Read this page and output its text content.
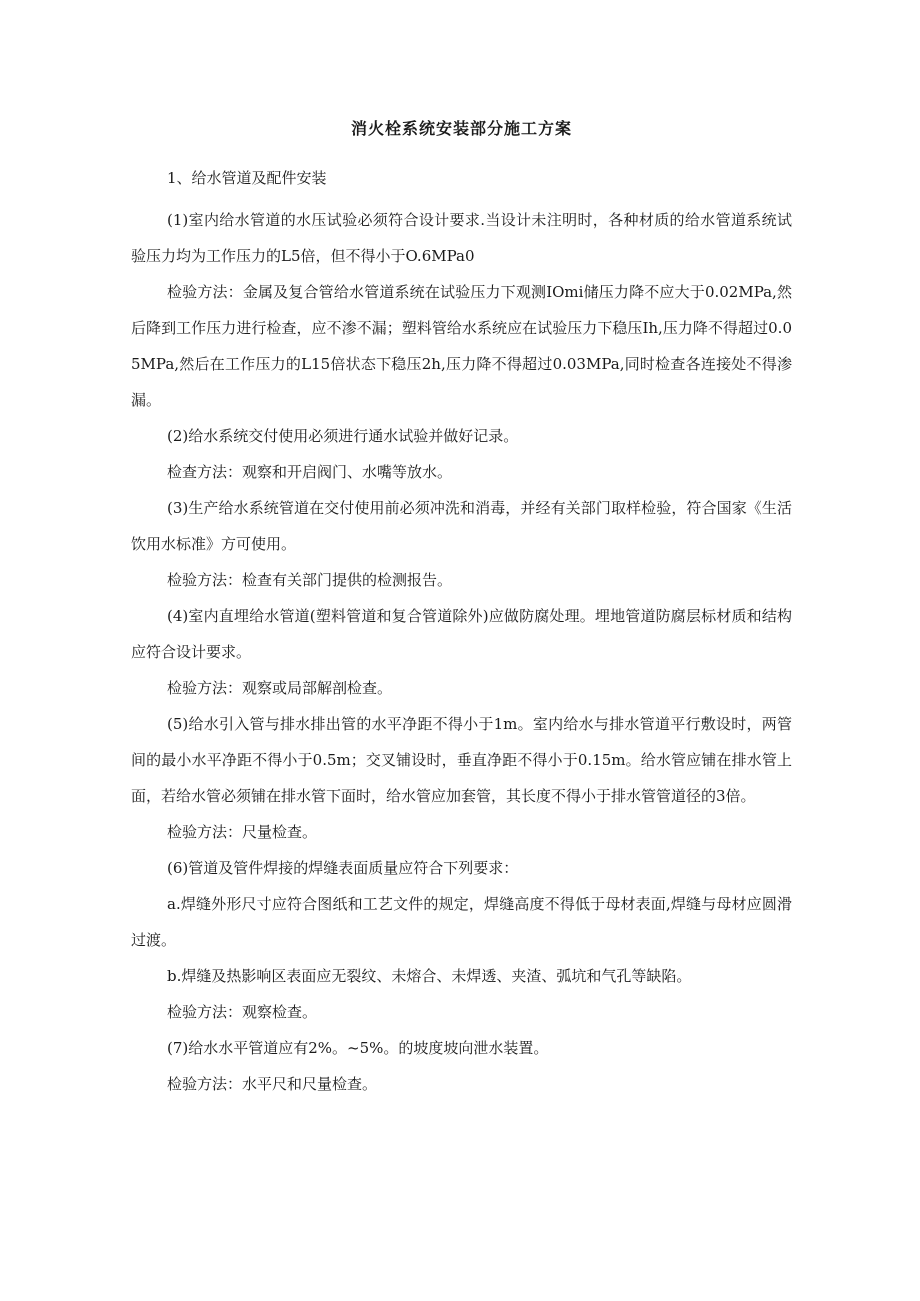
消火栓系统安装部分施工方案

1、给水管道及配件安装

(1)室内给水管道的水压试验必须符合设计要求.当设计未注明时，各种材质的给水管道系统试验压力均为工作压力的L5倍，但不得小于O.6MPa0

检验方法：金属及复合管给水管道系统在试验压力下观测IOmi储压力降不应大于0.02MPa,然后降到工作压力进行检查，应不渗不漏；塑料管给水系统应在试验压力下稳压Ih,压力降不得超过0.05MPa,然后在工作压力的L15倍状态下稳压2h,压力降不得超过0.03MPa,同时检查各连接处不得渗漏。

(2)给水系统交付使用必须进行通水试验并做好记录。

检查方法：观察和开启阀门、水嘴等放水。

(3)生产给水系统管道在交付使用前必须冲洗和消毒，并经有关部门取样检验，符合国家《生活饮用水标准》方可使用。

检验方法：检查有关部门提供的检测报告。

(4)室内直埋给水管道(塑料管道和复合管道除外)应做防腐处理。埋地管道防腐层标材质和结构应符合设计要求。

检验方法：观察或局部解剖检查。

(5)给水引入管与排水排出管的水平净距不得小于1m。室内给水与排水管道平行敷设时，两管间的最小水平净距不得小于0.5m；交叉铺设时，垂直净距不得小于0.15m。给水管应铺在排水管上面，若给水管必须铺在排水管下面时，给水管应加套管，其长度不得小于排水管管道径的3倍。

检验方法：尺量检查。

(6)管道及管件焊接的焊缝表面质量应符合下列要求：

a.焊缝外形尺寸应符合图纸和工艺文件的规定，焊缝高度不得低于母材表面,焊缝与母材应圆滑过渡。

b.焊缝及热影响区表面应无裂纹、未熔合、未焊透、夹渣、弧坑和气孔等缺陷。

检验方法：观察检查。

(7)给水水平管道应有2%。~5%。的坡度坡向泄水装置。

检验方法：水平尺和尺量检查。
